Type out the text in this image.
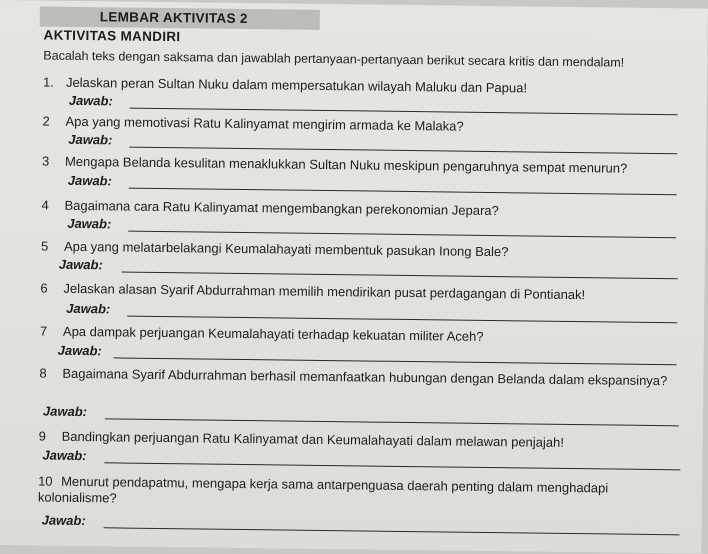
LEMBAR AKTIVITAS 2
AKTIVITAS MANDIRI
Bacalah teks dengan saksama dan jawablah pertanyaan-pertanyaan berikut secara kritis dan mendalam!
1. Jelaskan peran Sultan Nuku dalam mempersatukan wilayah Maluku dan Papua!
Jawab:
2 Apa yang memotivasi Ratu Kalinyamat mengirim armada ke Malaka?
Jawab:
3 Mengapa Belanda kesulitan menaklukkan Sultan Nuku meskipun pengaruhnya sempat menurun?
Jawab:
4 Bagaimana cara Ratu Kalinyamat mengembangkan perekonomian Jepara?
Jawab:
5 Apa yang melatarbelakangi Keumalahayati membentuk pasukan Inong Bale?
Jawab:
6 Jelaskan alasan Syarif Abdurrahman memilih mendirikan pusat perdagangan di Pontianak!
Jawab:
7 Apa dampak perjuangan Keumalahayati terhadap kekuatan militer Aceh?
Jawab:
8	Bagaimana Syarif Abdurrahman berhasil memanfaatkan hubungan dengan Belanda dalam ekspansinya?
Jawab:
9 Bandingkan perjuangan Ratu Kalinyamat dan Keumalahayati dalam melawan penjajah!
Jawab:
10 Menurut pendapatmu, mengapa kerja sama antarpenguasa daerah penting dalam menghadapi kolonialisme?
Jawab:
